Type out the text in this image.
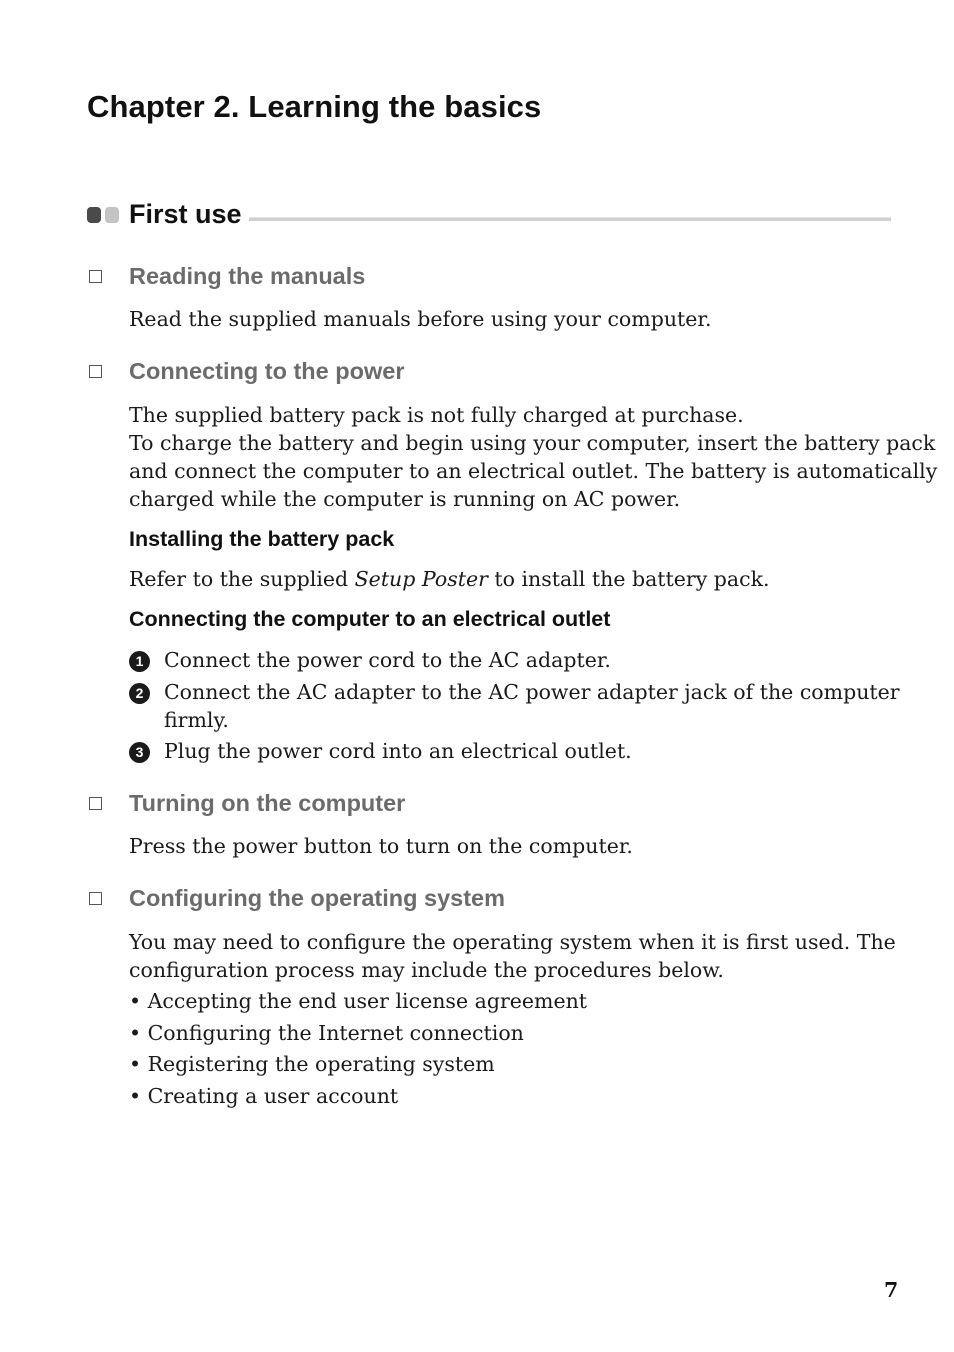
Chapter 2. Learning the basics
First use
Reading the manuals

Read the supplied manuals before using your computer.

Connecting to the power

The supplied battery pack is not fully charged at purchase.
To charge the battery and begin using your computer, insert the battery pack
and connect the computer to an electrical outlet. The battery is automatically
charged while the computer is running on AC power.

Installing the battery pack

Refer to the supplied Setup Poster to install the battery pack.

Connecting the computer to an electrical outlet
1	Connect the power cord to the AC adapter.

2	Connect the AC adapter to the AC power adapter jack of the computer
firmly.

3	Plug the power cord into an electrical outlet.

Turning on the computer

Press the power button to turn on the computer.

Configuring the operating system

You may need to configure the operating system when it is first used. The
configuration process may include the procedures below.

• Accepting the end user license agreement

• Configuring the Internet connection

• Registering the operating system

• Creating a user account

7
